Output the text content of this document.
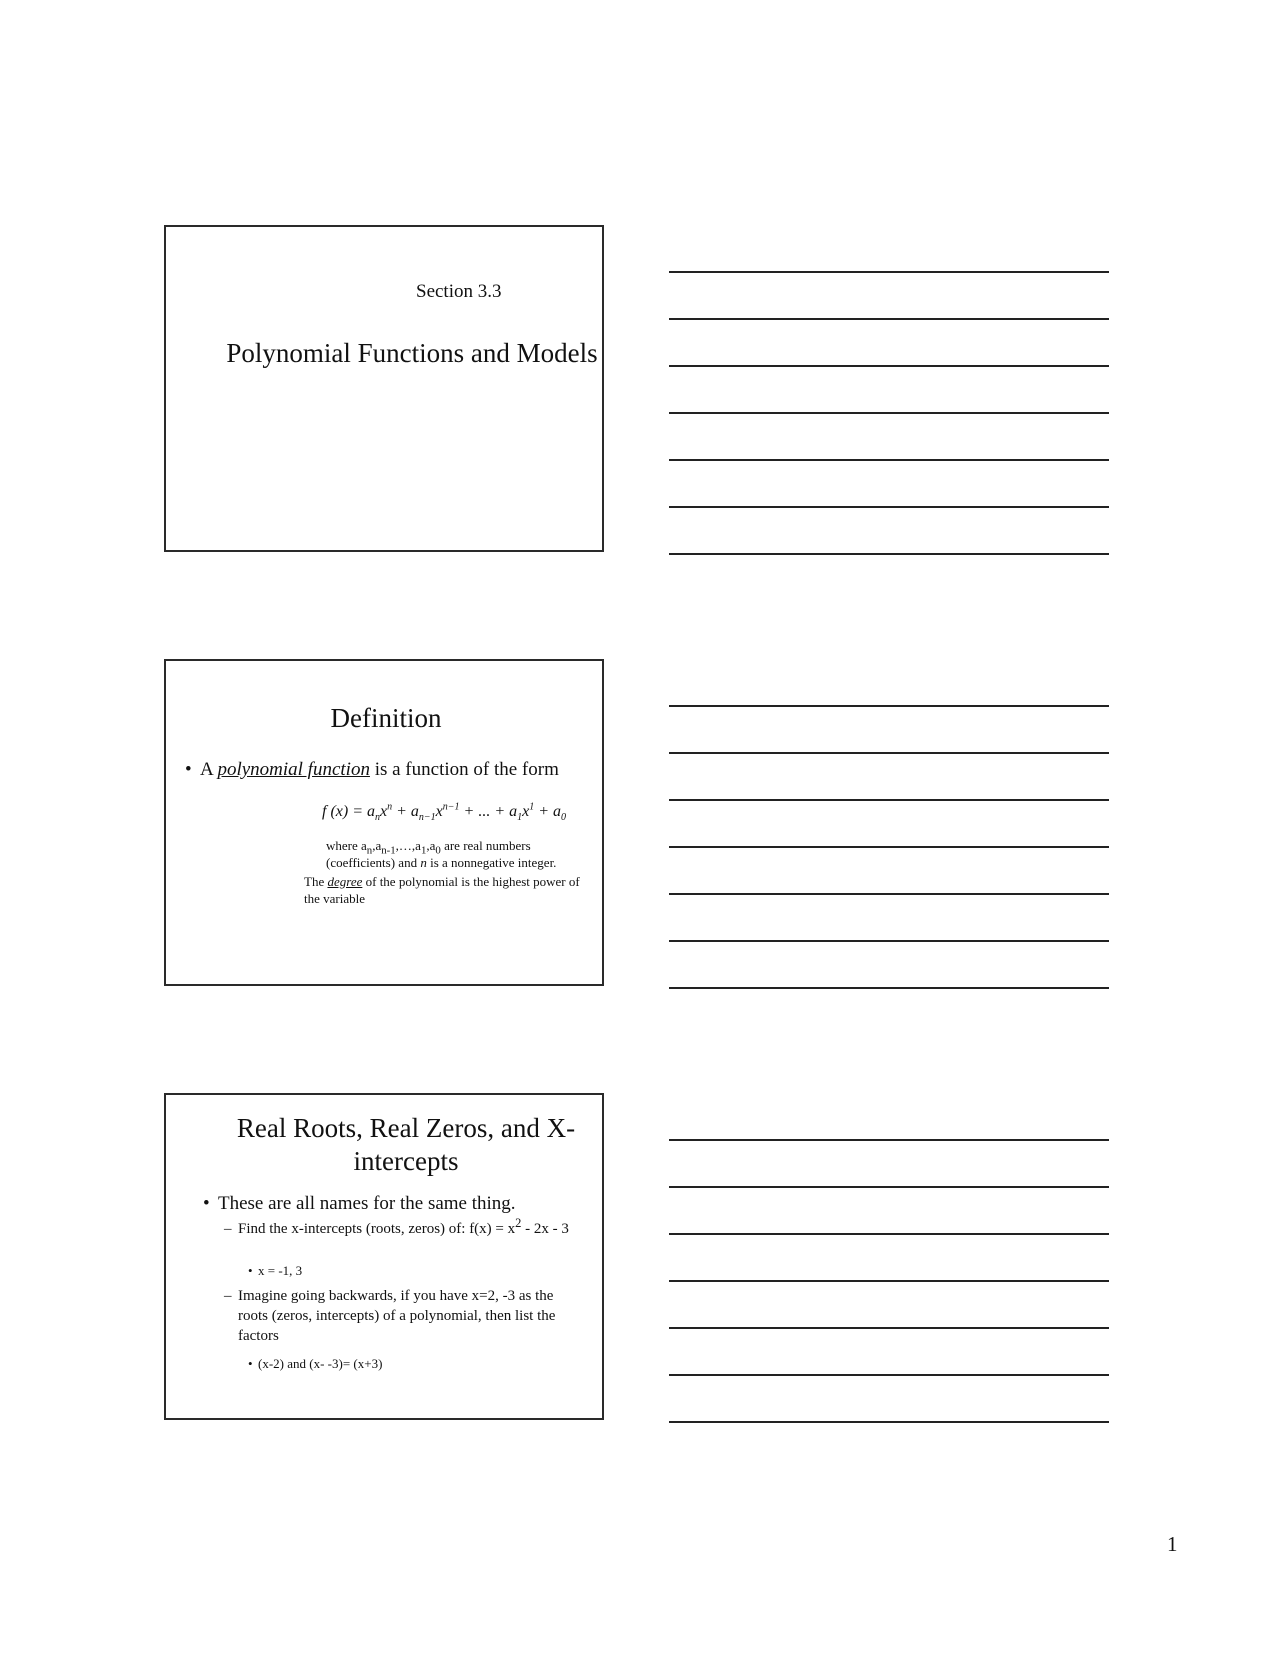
Section 3.3
Polynomial Functions and Models
Definition
• A polynomial function is a function of the form
f $(x) = a_nx^n + a_{n-1}x^{n-1}$ + ... + $a_1x^1 + a_0$
where $a_n,a_{n-1},\dots,a_1,a_0$ are real numbers (coefficients) and n is a nonnegative integer.
The degree of the polynomial is the highest power of the variable
Real Roots, Real Zeros, and X-intercepts
• These are all names for the same thing.
– Find the x-intercepts (roots, zeros) of: $f(x) = x^2 - 2x - 3$
• x = -1, 3
– Imagine going backwards, if you have x=2, -3 as the roots (zeros, intercepts) of a polynomial, then list the factors
• (x-2) and (x- -3)= (x+3)
1
